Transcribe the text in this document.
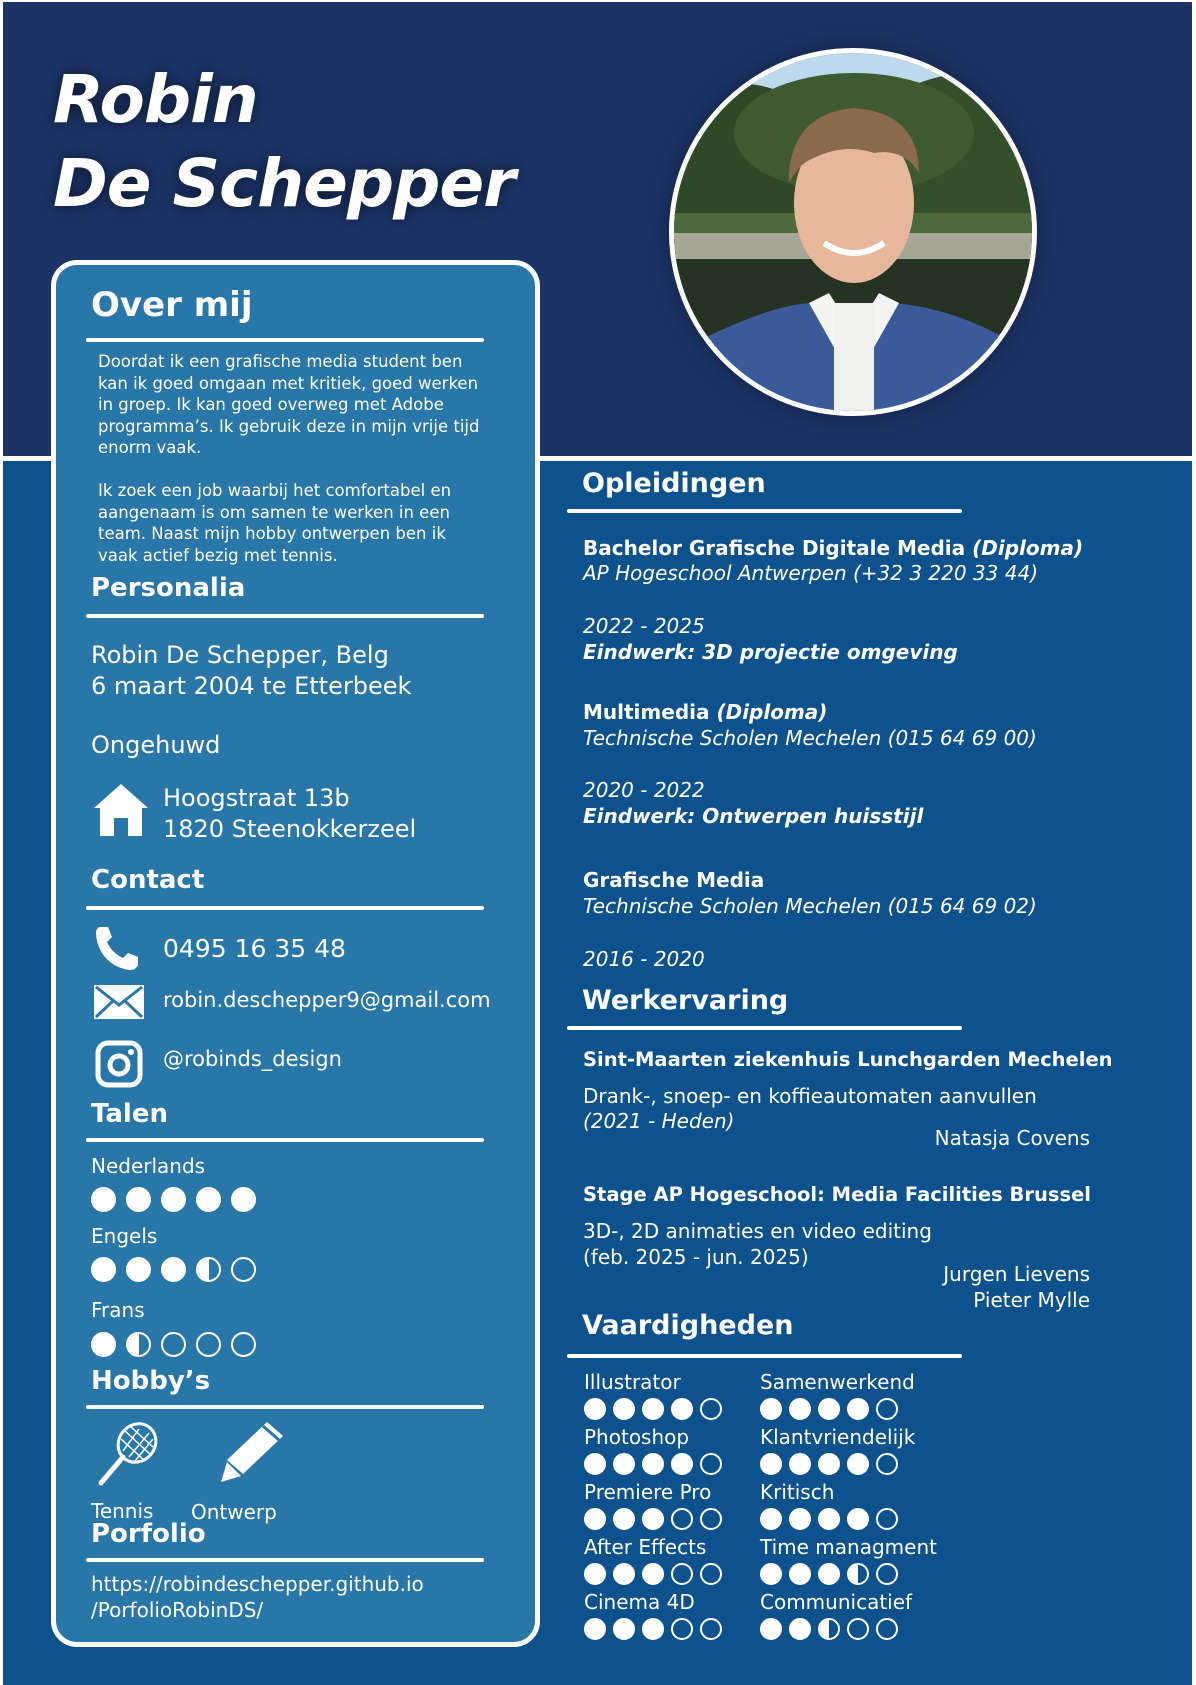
Robin
De Schepper
Over mij
Doordat ik een grafische media student ben
kan ik goed omgaan met kritiek, goed werken
in groep. Ik kan goed overweg met Adobe
programma’s. Ik gebruik deze in mijn vrije tijd
enorm vaak.
Ik zoek een job waarbij het comfortabel en
aangenaam is om samen te werken in een
team. Naast mijn hobby ontwerpen ben ik
vaak actief bezig met tennis.
Personalia
Robin De Schepper, Belg
6 maart 2004 te Etterbeek
Ongehuwd
Hoogstraat 13b
1820 Steenokkerzeel
Contact
0495 16 35 48
robin.deschepper9@gmail.com
@robinds_design
Talen
Nederlands
Engels
Frans
Hobby’s
Tennis Ontwerp
Porfolio
https://robindeschepper.github.io
/PorfolioRobinDS/
Opleidingen
Bachelor Grafische Digitale Media (Diploma)
AP Hogeschool Antwerpen (+32 3 220 33 44)
2022 - 2025
Eindwerk: 3D projectie omgeving
Multimedia (Diploma)
Technische Scholen Mechelen (015 64 69 00)
2020 - 2022
Eindwerk: Ontwerpen huisstijl
Grafische Media
Technische Scholen Mechelen (015 64 69 02)
2016 - 2020
Werkervaring
Sint-Maarten ziekenhuis Lunchgarden Mechelen
Drank-, snoep- en koffieautomaten aanvullen
(2021 - Heden)
Natasja Covens
Stage AP Hogeschool: Media Facilities Brussel
3D-, 2D animaties en video editing
(feb. 2025 - jun. 2025)
Jurgen Lievens
Pieter Mylle
Vaardigheden
Illustrator
Photoshop
Premiere Pro
After Effects
Cinema 4D
Samenwerkend
Klantvriendelijk
Kritisch
Time managment
Communicatief
